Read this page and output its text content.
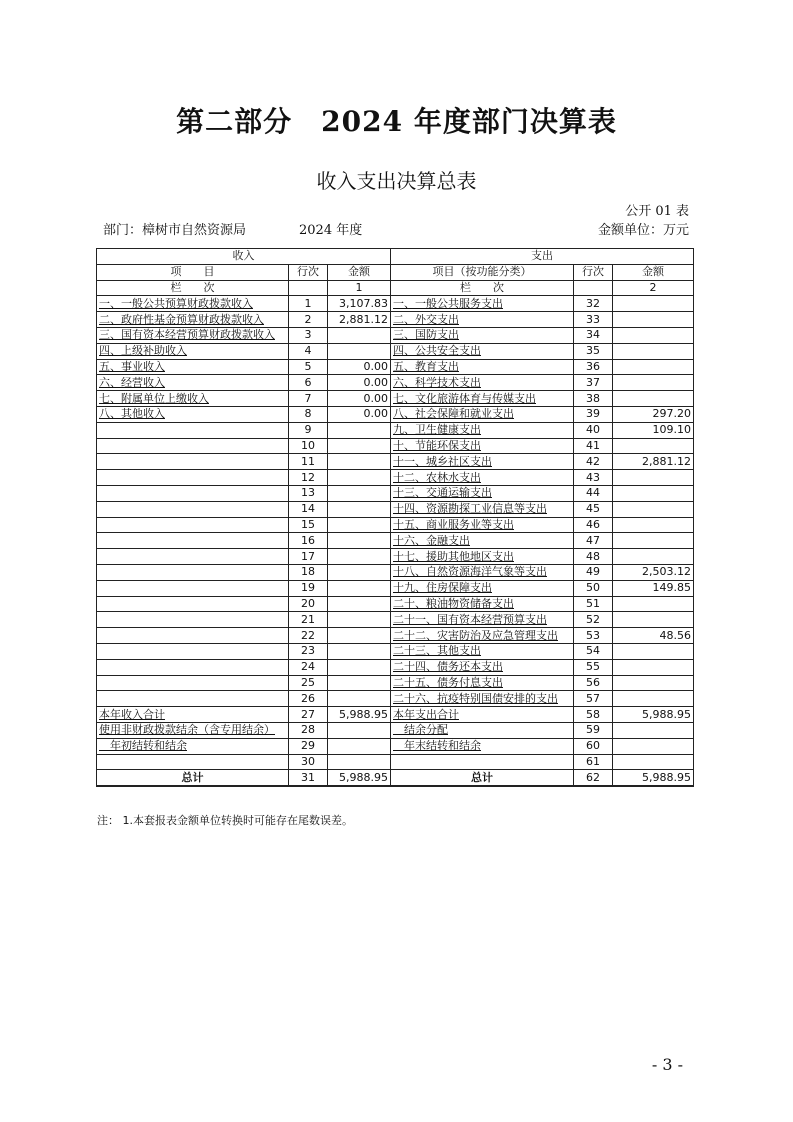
第二部分　2024 年度部门决算表
收入支出决算总表
公开 01 表
部门：樟树市自然资源局	2024 年度	金额单位：万元
收入			支出		
项　　目	行次	金额	项目（按功能分类）	行次	金额
栏　　次		1	栏　　次		2
一、一般公共预算财政拨款收入	1	3,107.83	一、一般公共服务支出	32	
二、政府性基金预算财政拨款收入	2	2,881.12	二、外交支出	33	
三、国有资本经营预算财政拨款收入	3		三、国防支出	34	
四、上级补助收入	4		四、公共安全支出	35	
五、事业收入	5	0.00	五、教育支出	36	
六、经营收入	6	0.00	六、科学技术支出	37	
七、附属单位上缴收入	7	0.00	七、文化旅游体育与传媒支出	38	
八、其他收入	8	0.00	八、社会保障和就业支出	39	297.20
	9		九、卫生健康支出	40	109.10
	10		十、节能环保支出	41	
	11		十一、城乡社区支出	42	2,881.12
	12		十二、农林水支出	43	
	13		十三、交通运输支出	44	
	14		十四、资源勘探工业信息等支出	45	
	15		十五、商业服务业等支出	46	
	16		十六、金融支出	47	
	17		十七、援助其他地区支出	48	
	18		十八、自然资源海洋气象等支出	49	2,503.12
	19		十九、住房保障支出	50	149.85
	20		二十、粮油物资储备支出	51	
	21		二十一、国有资本经营预算支出	52	
	22		二十二、灾害防治及应急管理支出	53	48.56
	23		二十三、其他支出	54	
	24		二十四、债务还本支出	55	
	25		二十五、债务付息支出	56	
	26		二十六、抗疫特别国债安排的支出	57	
本年收入合计	27	5,988.95	本年支出合计	58	5,988.95
使用非财政拨款结余（含专用结余）	28		　结余分配	59	
　年初结转和结余	29		　年末结转和结余	60	
	30			61	
总计	31	5,988.95	总计	62	5,988.95
注： 1.本套报表金额单位转换时可能存在尾数误差。
- 3 -
